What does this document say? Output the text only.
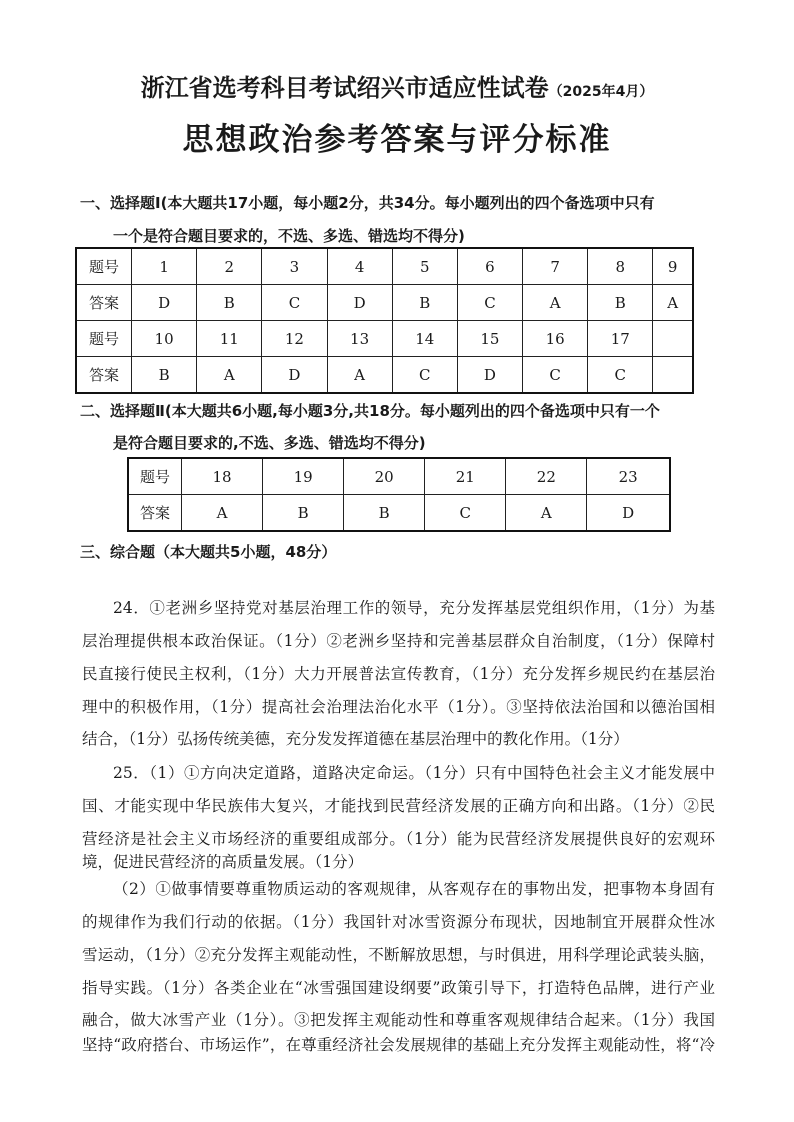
浙江省选考科目考试绍兴市适应性试卷（2025年4月）
思想政治参考答案与评分标准
一、选择题Ⅰ(本大题共17小题，每小题2分，共34分。每小题列出的四个备选项中只有
一个是符合题目要求的，不选、多选、错选均不得分)
题号	1	2	3	4	5	6	7	8	9
答案	D	B	C	D	B	C	A	B	A
题号	10	11	12	13	14	15	16	17	
答案	B	A	D	A	C	D	C	C	
二、选择题Ⅱ(本大题共6小题,每小题3分,共18分。每小题列出的四个备选项中只有一个
是符合题目要求的,不选、多选、错选均不得分)
题号	18	19	20	21	22	23
答案	A	B	B	C	A	D
三、综合题（本大题共5小题，48分）
24．①老洲乡坚持党对基层治理工作的领导，充分发挥基层党组织作用，（1分）为基
层治理提供根本政治保证。（1分）②老洲乡坚持和完善基层群众自治制度，（1分）保障村
民直接行使民主权利，（1分）大力开展普法宣传教育，（1分）充分发挥乡规民约在基层治
理中的积极作用，（1分）提高社会治理法治化水平（1分）。③坚持依法治国和以德治国相
结合，（1分）弘扬传统美德，充分发发挥道德在基层治理中的教化作用。（1分）
25．（1）①方向决定道路，道路决定命运。（1分）只有中国特色社会主义才能发展中
国、才能实现中华民族伟大复兴，才能找到民营经济发展的正确方向和出路。（1分）②民
营经济是社会主义市场经济的重要组成部分。（1分）能为民营经济发展提供良好的宏观环
境，促进民营经济的高质量发展。（1分）
（2）①做事情要尊重物质运动的客观规律，从客观存在的事物出发，把事物本身固有
的规律作为我们行动的依据。（1分）我国针对冰雪资源分布现状，因地制宜开展群众性冰
雪运动，（1分）②充分发挥主观能动性，不断解放思想，与时俱进，用科学理论武装头脑，
指导实践。（1分）各类企业在“冰雪强国建设纲要”政策引导下，打造特色品牌，进行产业
融合，做大冰雪产业（1分）。③把发挥主观能动性和尊重客观规律结合起来。（1分）我国
坚持“政府搭台、市场运作”，在尊重经济社会发展规律的基础上充分发挥主观能动性，将“冷
